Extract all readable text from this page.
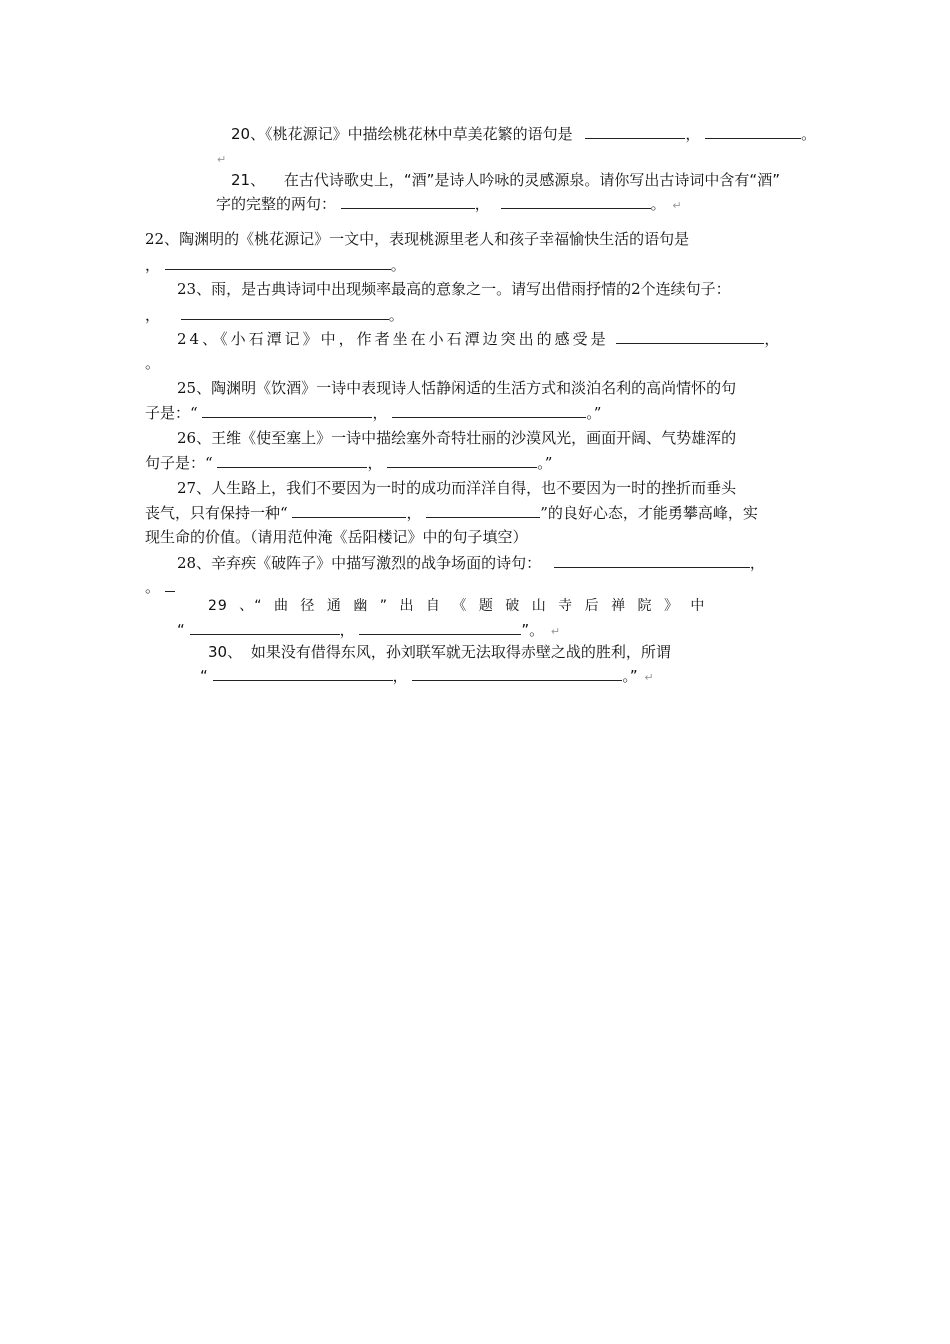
20、《桃花源记》中描绘桃花林中草美花繁的语句是	，	。
↵
21、 在古代诗歌史上，“酒”是诗人吟咏的灵感源泉。请你写出古诗词中含有“酒”
字的完整的两句：	，	。 ↵
22、陶渊明的《桃花源记》一文中，表现桃源里老人和孩子幸福愉快生活的语句是
，	。
23、雨，是古典诗词中出现频率最高的意象之一。请写出借雨抒情的2个连续句子：
，	。
24、《小石潭记》中，作者坐在小石潭边突出的感受是	，
。
25、陶渊明《饮酒》一诗中表现诗人恬静闲适的生活方式和淡泊名利的高尚情怀的句
子是：“	，	。”
26、王维《使至塞上》一诗中描绘塞外奇特壮丽的沙漠风光，画面开阔、气势雄浑的
句子是：“	，	。”
27、人生路上，我们不要因为一时的成功而洋洋自得，也不要因为一时的挫折而垂头
丧气，只有保持一种“	，	”的良好心态，才能勇攀高峰，实
现生命的价值。（请用范仲淹《岳阳楼记》中的句子填空）
28、辛弃疾《破阵子》中描写激烈的战争场面的诗句：	，
。
29 、“ 曲 径 通 幽 ” 出 自 《 题 破 山 寺 后 禅 院 》 中
“	，	”。 ↵
30、 如果没有借得东风，孙刘联军就无法取得赤壁之战的胜利，所谓
“	，	。” ↵
